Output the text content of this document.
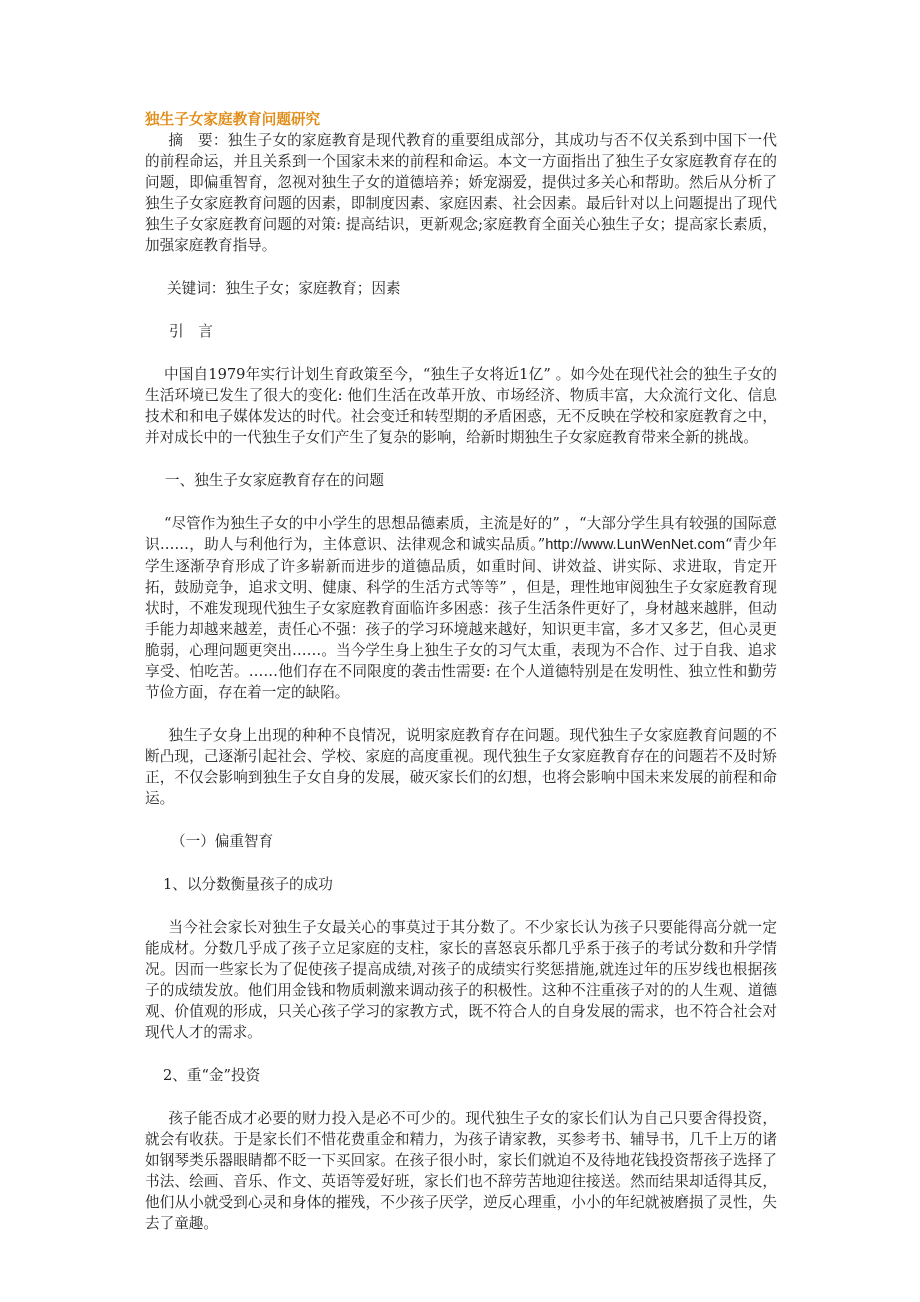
独生子女家庭教育问题研究

摘　要：独生子女的家庭教育是现代教育的重要组成部分，其成功与否不仅关系到中国下一代的前程命运，并且关系到一个国家未来的前程和命运。本文一方面指出了独生子女家庭教育存在的问题，即偏重智育，忽视对独生子女的道德培养；娇宠溺爱，提供过多关心和帮助。然后从分析了独生子女家庭教育问题的因素，即制度因素、家庭因素、社会因素。最后针对以上问题提出了现代独生子女家庭教育问题的对策: 提高结识，更新观念;家庭教育全面关心独生子女；提高家长素质，加强家庭教育指导。

关键词：独生子女；家庭教育；因素

引　言

中国自1979年实行计划生育政策至今，“独生子女将近1亿” 。如今处在现代社会的独生子女的生活环境已发生了很大的变化: 他们生活在改革开放、市场经济、物质丰富，大众流行文化、信息技术和和电子媒体发达的时代。社会变迁和转型期的矛盾困惑，无不反映在学校和家庭教育之中，并对成长中的一代独生子女们产生了复杂的影响，给新时期独生子女家庭教育带来全新的挑战。

一、独生子女家庭教育存在的问题

“尽管作为独生子女的中小学生的思想品德素质，主流是好的” ，“大部分学生具有较强的国际意识……，助人与利他行为，主体意识、法律观念和诚实品质。”http://www.LunWenNet.com“青少年学生逐渐孕育形成了许多崭新而进步的道德品质，如重时间、讲效益、讲实际、求进取，肯定开拓，鼓励竞争，追求文明、健康、科学的生活方式等等” ，但是，理性地审阅独生子女家庭教育现状时，不难发现现代独生子女家庭教育面临许多困惑：孩子生活条件更好了，身材越来越胖，但动手能力却越来越差，责任心不强：孩子的学习环境越来越好，知识更丰富，多才又多艺，但心灵更脆弱，心理问题更突出……。当今学生身上独生子女的习气太重，表现为不合作、过于自我、追求享受、怕吃苦。……他们存在不同限度的袭击性需要: 在个人道德特别是在发明性、独立性和勤劳节俭方面，存在着一定的缺陷。

独生子女身上出现的种种不良情况，说明家庭教育存在问题。现代独生子女家庭教育问题的不断凸现，己逐渐引起社会、学校、家庭的高度重视。现代独生子女家庭教育存在的问题若不及时矫正，不仅会影响到独生子女自身的发展，破灭家长们的幻想，也将会影响中国未来发展的前程和命运。

（一）偏重智育

1、以分数衡量孩子的成功

当今社会家长对独生子女最关心的事莫过于其分数了。不少家长认为孩子只要能得高分就一定能成材。分数几乎成了孩子立足家庭的支柱，家长的喜怒哀乐都几乎系于孩子的考试分数和升学情况。因而一些家长为了促使孩子提高成绩,对孩子的成绩实行奖惩措施,就连过年的压岁线也根据孩子的成绩发放。他们用金钱和物质刺激来调动孩子的积极性。这种不注重孩子对的的人生观、道德观、价值观的形成，只关心孩子学习的家教方式，既不符合人的自身发展的需求，也不符合社会对现代人才的需求。

2、重“金”投资

孩子能否成才必要的财力投入是必不可少的。现代独生子女的家长们认为自己只要舍得投资，就会有收获。于是家长们不惜花费重金和精力，为孩子请家教，买参考书、辅导书，几千上万的诸如钢琴类乐器眼睛都不眨一下买回家。在孩子很小时，家长们就迫不及待地花钱投资帮孩子选择了书法、绘画、音乐、作文、英语等爱好班，家长们也不辞劳苦地迎往接送。然而结果却适得其反，他们从小就受到心灵和身体的摧残，不少孩子厌学，逆反心理重，小小的年纪就被磨损了灵性，失去了童趣。
